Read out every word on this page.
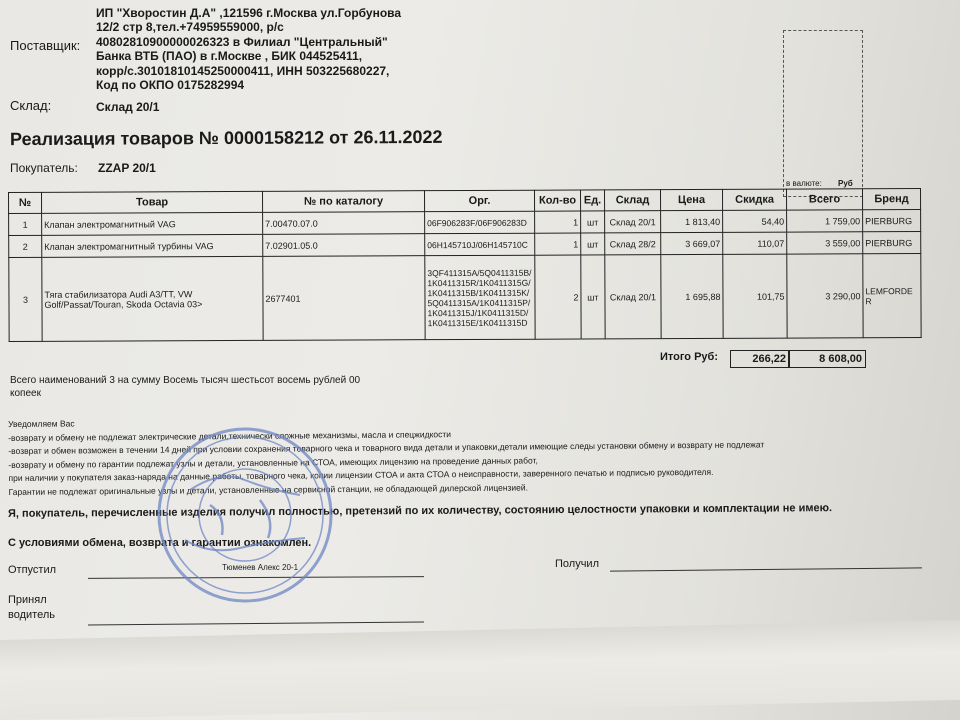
Поставщик:
ИП "Хворостин Д.А" ,121596 г.Москва ул.Горбунова
12/2 стр 8,тел.+74959559000, р/с
40802810900000026323 в Филиал "Центральный"
Банка ВТБ (ПАО) в г.Москве , БИК 044525411,
корр/с.30101810145250000411, ИНН 503225680227,
Код по ОКПО 0175282994
Склад:	Склад 20/1
Реализация товаров № 0000158212 от 26.11.2022
Покупатель: ZZAP 20/1
в валюте: Руб
№	Товар	№ по каталогу	Орг.	Кол-во	Ед.	Склад	Цена	Скидка	Всего	Бренд
1	Клапан электромагнитный VAG	7.00470.07.0	06F906283F/06F906283D	1	шт	Склад 20/1	1 813,40	54,40	1 759,00	PIERBURG
2	Клапан электромагнитный турбины VAG	7.02901.05.0	06H145710J/06H145710C	1	шт	Склад 28/2	3 669,07	110,07	3 559,00	PIERBURG
3	Тяга стабилизатора Audi A3/TT, VW Golf/Passat/Touran, Skoda Octavia 03>	2677401	3QF411315A/5Q0411315B/1K0411315R/1K0411315G/1K0411315B/1K0411315K/5Q0411315A/1K0411315P/1K0411315J/1K0411315D/1K0411315E/1K0411315D	2	шт	Склад 20/1	1 695,88	101,75	3 290,00	LEMFORDER
Итого Руб:	266,22	8 608,00
Всего наименований 3 на сумму Восемь тысяч шестьсот восемь рублей 00
копеек
Уведомляем Вас
-возврату и обмену не подлежат электрические детали,технически сложные механизмы, масла и спецжидкости
-возврат и обмен возможен в течении 14 дней при условии сохранения товарного чека и товарного вида детали и упаковки,детали имеющие следы установки обмену и возврату не подлежат
-возврату и обмену по гарантии подлежат узлы и детали, установленные на СТОА, имеющих лицензию на проведение данных работ,
при наличии у покупателя заказ-наряда на данные работы, товарного чека, копии лицензии СТОА и акта СТОА о неисправности, заверенного печатью и подписью руководителя.
Гарантии не подлежат оригинальные узлы и детали, установленные на сервисной станции, не обладающей дилерской лицензией.
Я, покупатель, перечисленные изделия получил полностью, претензий по их количеству, состоянию целостности упаковки и комплектации не имею.
С условиями обмена, возврата и гарантии ознакомлен.
Отпустил	Тюменев Алекс 20-1	Получил
Принял
водитель
